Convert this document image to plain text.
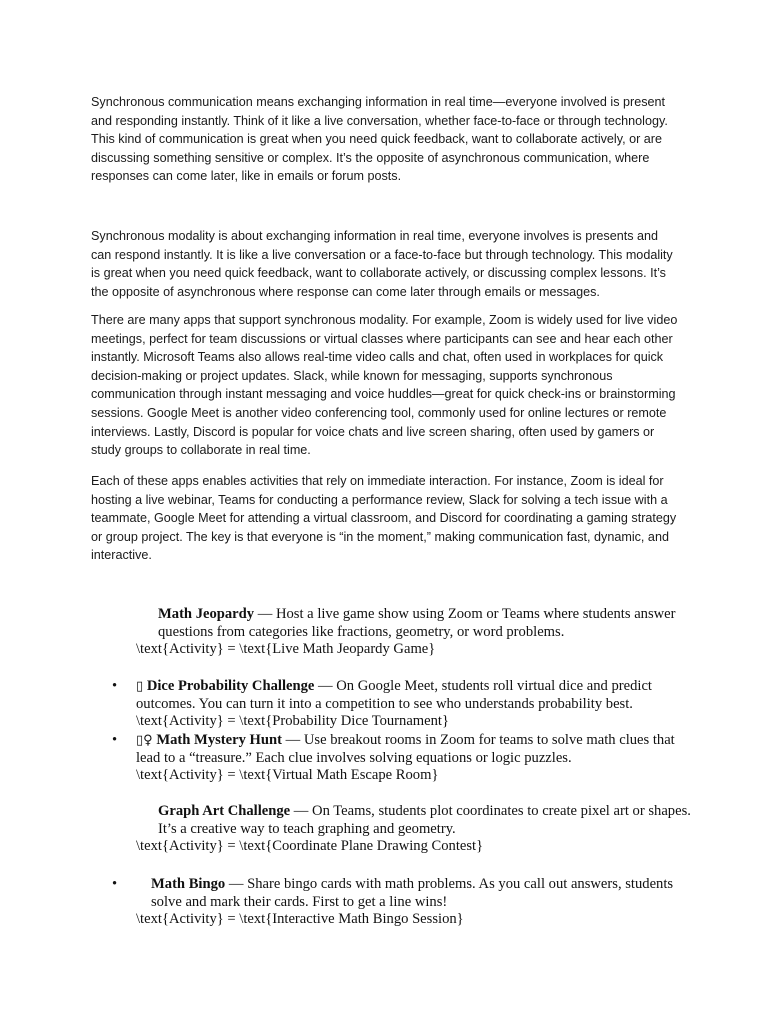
Synchronous communication means exchanging information in real time—everyone involved is present and responding instantly. Think of it like a live conversation, whether face-to-face or through technology. This kind of communication is great when you need quick feedback, want to collaborate actively, or are discussing something sensitive or complex. It’s the opposite of asynchronous communication, where responses can come later, like in emails or forum posts.

Synchronous modality is about exchanging information in real time, everyone involves is presents and can respond instantly. It is like a live conversation or a face-to-face but through technology. This modality is great when you need quick feedback, want to collaborate actively, or discussing complex lessons. It’s the opposite of asynchronous where response can come later through emails or messages.

There are many apps that support synchronous modality. For example, Zoom is widely used for live video meetings, perfect for team discussions or virtual classes where participants can see and hear each other instantly. Microsoft Teams also allows real-time video calls and chat, often used in workplaces for quick decision-making or project updates. Slack, while known for messaging, supports synchronous communication through instant messaging and voice huddles—great for quick check-ins or brainstorming sessions. Google Meet is another video conferencing tool, commonly used for online lectures or remote interviews. Lastly, Discord is popular for voice chats and live screen sharing, often used by gamers or study groups to collaborate in real time.

Each of these apps enables activities that rely on immediate interaction. For instance, Zoom is ideal for hosting a live webinar, Teams for conducting a performance review, Slack for solving a tech issue with a teammate, Google Meet for attending a virtual classroom, and Discord for coordinating a gaming strategy or group project. The key is that everyone is “in the moment,” making communication fast, dynamic, and interactive.

Math Jeopardy — Host a live game show using Zoom or Teams where students answer questions from categories like fractions, geometry, or word problems.
\text{Activity} = \text{Live Math Jeopardy Game}
• ▯ Dice Probability Challenge — On Google Meet, students roll virtual dice and predict outcomes. You can turn it into a competition to see who understands probability best.
\text{Activity} = \text{Probability Dice Tournament}
• ▯♀ Math Mystery Hunt — Use breakout rooms in Zoom for teams to solve math clues that lead to a “treasure.” Each clue involves solving equations or logic puzzles.
\text{Activity} = \text{Virtual Math Escape Room}
Graph Art Challenge — On Teams, students plot coordinates to create pixel art or shapes. It’s a creative way to teach graphing and geometry.
\text{Activity} = \text{Coordinate Plane Drawing Contest}
•	Math Bingo — Share bingo cards with math problems. As you call out answers, students solve and mark their cards. First to get a line wins!
\text{Activity} = \text{Interactive Math Bingo Session}
